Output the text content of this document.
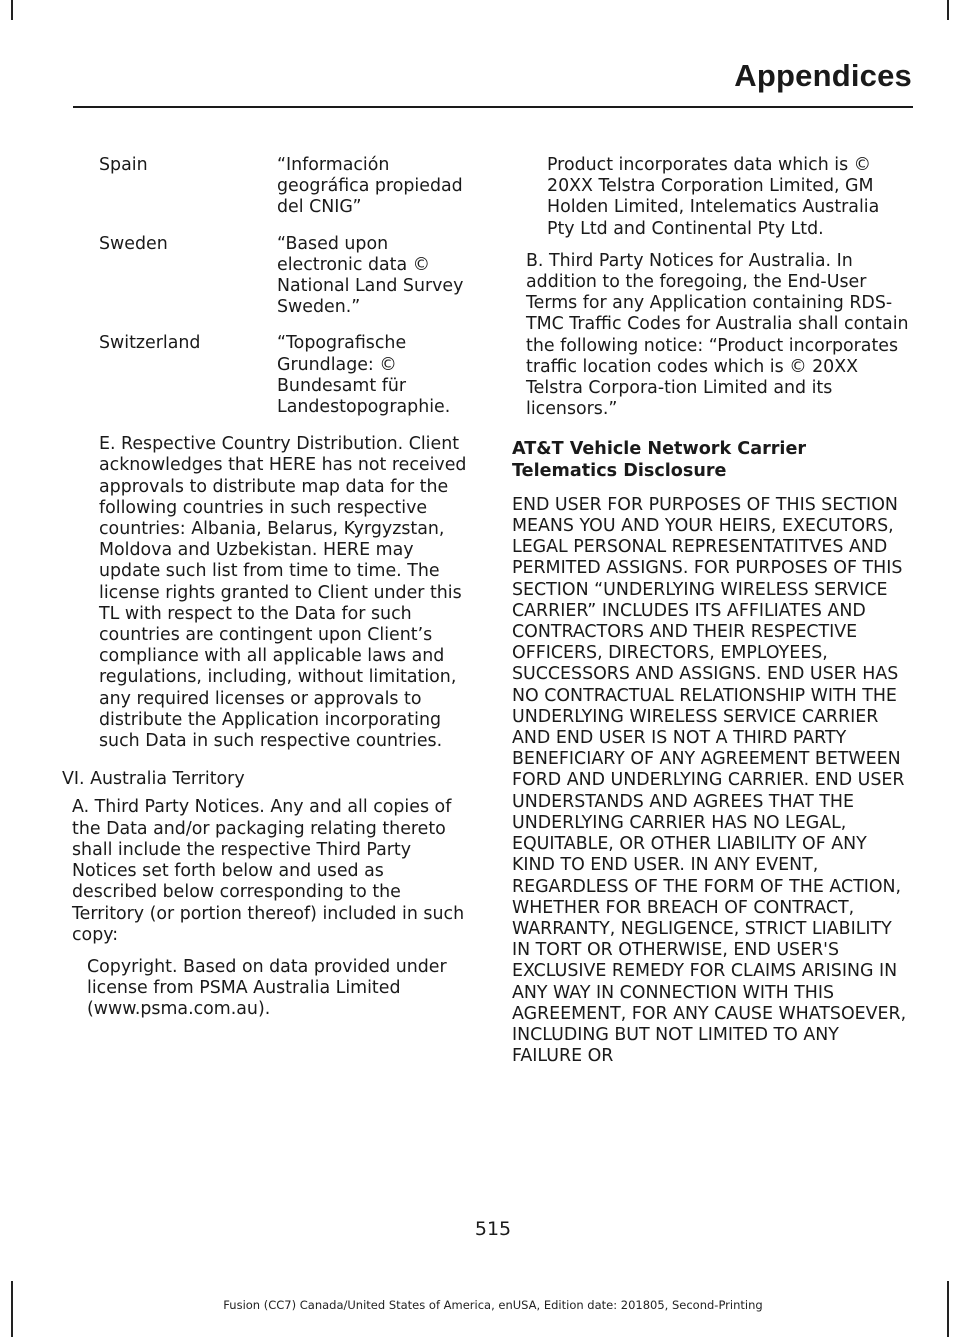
Appendices
Spain	“Información geográfica propiedad del CNIG”
Sweden	“Based upon electronic data © National Land Survey Sweden.”
Switzerland	“Topografische Grundlage: © Bundesamt für Landestopographie.

E. Respective Country Distribution. Client acknowledges that HERE has not received approvals to distribute map data for the following countries in such respective countries: Albania, Belarus, Kyrgyzstan, Moldova and Uzbekistan. HERE may update such list from time to time. The license rights granted to Client under this TL with respect to the Data for such countries are contingent upon Client’s compliance with all applicable laws and regulations, including, without limitation, any required licenses or approvals to distribute the Application incorporating such Data in such respective countries.

VI. Australia Territory

A. Third Party Notices. Any and all copies of the Data and/or packaging relating thereto shall include the respective Third Party Notices set forth below and used as described below corresponding to the Territory (or portion thereof) included in such copy:

Copyright. Based on data provided under license from PSMA Australia Limited (www.psma.com.au).

Product incorporates data which is © 20XX Telstra Corporation Limited, GM Holden Limited, Intelematics Australia Pty Ltd and Continental Pty Ltd.

B. Third Party Notices for Australia. In addition to the foregoing, the End-User Terms for any Application containing RDS-TMC Traffic Codes for Australia shall contain the following notice: “Product incorporates traffic location codes which is © 20XX Telstra Corpora-tion Limited and its licensors.”

AT&T Vehicle Network Carrier Telematics Disclosure

END USER FOR PURPOSES OF THIS SECTION MEANS YOU AND YOUR HEIRS, EXECUTORS, LEGAL PERSONAL REPRESENTATITVES AND PERMITED ASSIGNS. FOR PURPOSES OF THIS SECTION “UNDERLYING WIRELESS SERVICE CARRIER” INCLUDES ITS AFFILIATES AND CONTRACTORS AND THEIR RESPECTIVE OFFICERS, DIRECTORS, EMPLOYEES, SUCCESSORS AND ASSIGNS. END USER HAS NO CONTRACTUAL RELATIONSHIP WITH THE UNDERLYING WIRELESS SERVICE CARRIER AND END USER IS NOT A THIRD PARTY BENEFICIARY OF ANY AGREEMENT BETWEEN FORD AND UNDERLYING CARRIER. END USER UNDERSTANDS AND AGREES THAT THE UNDERLYING CARRIER HAS NO LEGAL, EQUITABLE, OR OTHER LIABILITY OF ANY KIND TO END USER. IN ANY EVENT, REGARDLESS OF THE FORM OF THE ACTION, WHETHER FOR BREACH OF CONTRACT, WARRANTY, NEGLIGENCE, STRICT LIABILITY IN TORT OR OTHERWISE, END USER'S EXCLUSIVE REMEDY FOR CLAIMS ARISING IN ANY WAY IN CONNECTION WITH THIS AGREEMENT, FOR ANY CAUSE WHATSOEVER, INCLUDING BUT NOT LIMITED TO ANY FAILURE OR

515
Fusion (CC7) Canada/United States of America, enUSA, Edition date: 201805, Second-Printing
